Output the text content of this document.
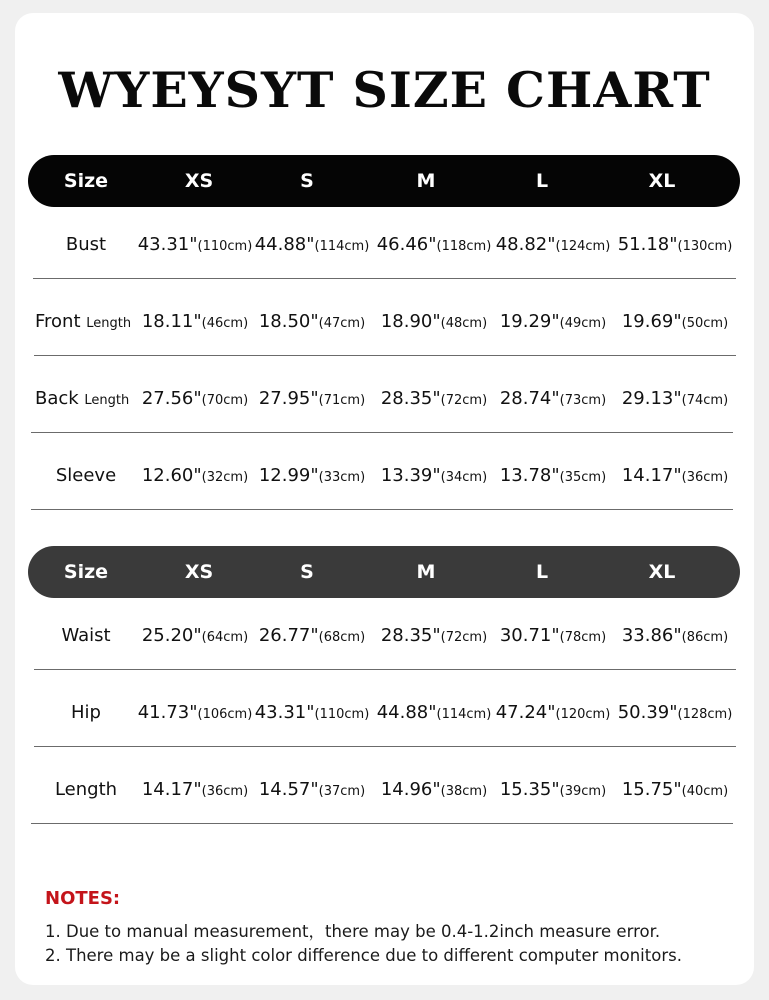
WYEYSYT SIZE CHART
Size	XS	S	M	L	XL
Bust 43.31"(110cm) 44.88"(114cm) 46.46"(118cm) 48.82"(124cm) 51.18"(130cm)
Front Length 18.11"(46cm) 18.50"(47cm) 18.90"(48cm) 19.29"(49cm) 19.69"(50cm)
Back Length 27.56"(70cm) 27.95"(71cm) 28.35"(72cm) 28.74"(73cm) 29.13"(74cm)
Sleeve 12.60"(32cm) 12.99"(33cm) 13.39"(34cm) 13.78"(35cm) 14.17"(36cm)
Size	XS	S	M	L	XL
Waist 25.20"(64cm) 26.77"(68cm) 28.35"(72cm) 30.71"(78cm) 33.86"(86cm)
Hip 41.73"(106cm) 43.31"(110cm) 44.88"(114cm) 47.24"(120cm) 50.39"(128cm)
Length 14.17"(36cm) 14.57"(37cm) 14.96"(38cm) 15.35"(39cm) 15.75"(40cm)
NOTES:
1. Due to manual measurement，there may be 0.4-1.2inch measure error.
2. There may be a slight color difference due to different computer monitors.
